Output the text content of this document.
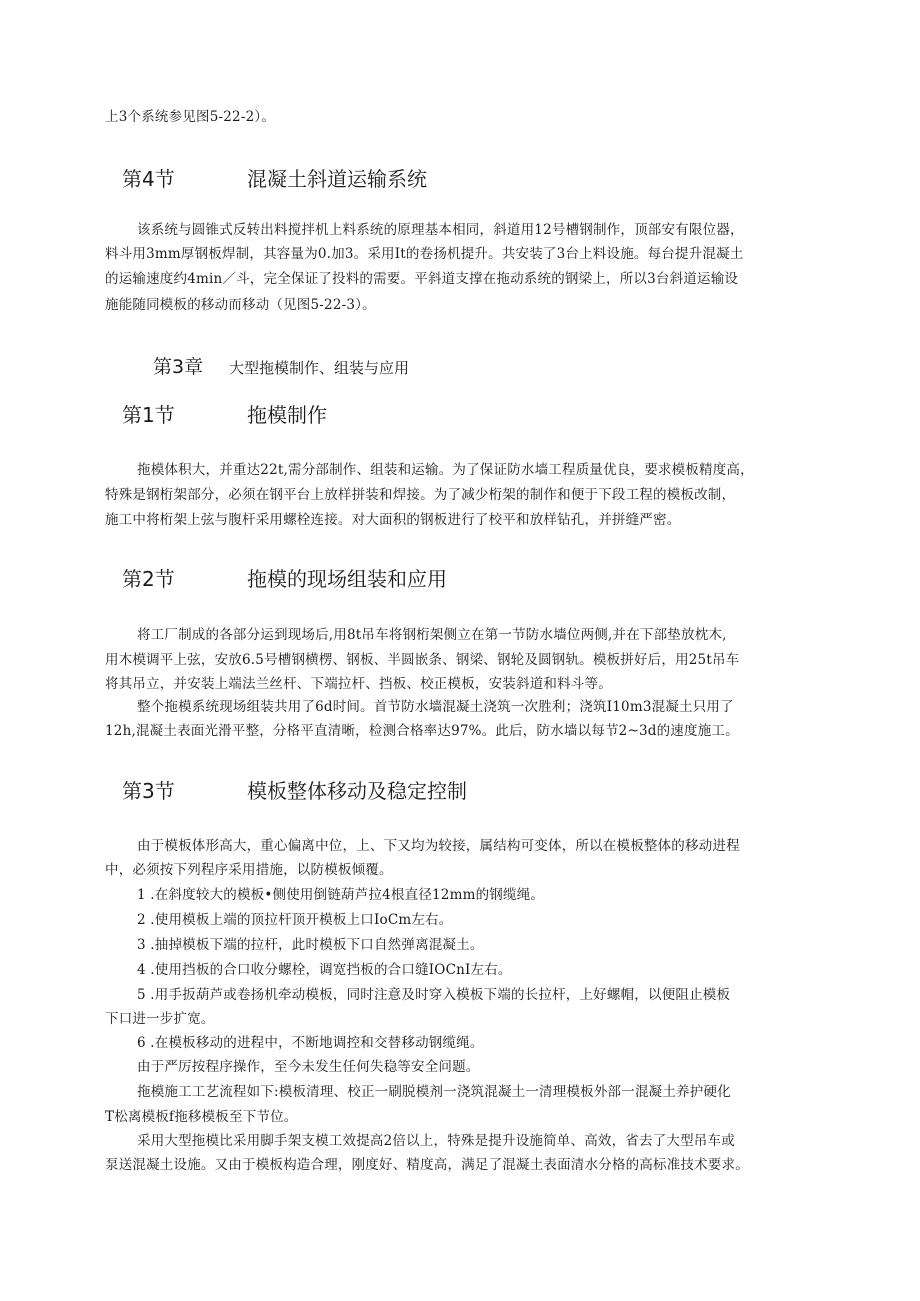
上3个系统参见图5-22-2）。
第4节	混凝土斜道运输系统
该系统与圆锥式反转出料搅拌机上料系统的原理基本相同，斜道用12号槽钢制作，顶部安有限位器，
料斗用3mm厚钢板焊制，其容量为0.加3。采用It的卷扬机提升。共安装了3台上料设施。每台提升混凝土
的运输速度约4min／斗，完全保证了投料的需要。平斜道支撑在拖动系统的钢梁上，所以3台斜道运输设
施能随同模板的移动而移动（见图5-22-3）。
第3章 大型拖模制作、组装与应用
第1节	拖模制作
拖模体积大，并重达22t,需分部制作、组装和运输。为了保证防水墙工程质量优良，要求模板精度高，
特殊是钢桁架部分，必须在钢平台上放样拼装和焊接。为了减少桁架的制作和便于下段工程的模板改制，
施工中将桁架上弦与腹杆采用螺栓连接。对大面积的钢板进行了校平和放样钻孔，并拼缝严密。
第2节	拖模的现场组装和应用
将工厂制成的各部分运到现场后,用8t吊车将钢桁架侧立在第一节防水墙位两侧,并在下部垫放枕木,
用木模调平上弦，安放6.5号槽钢横楞、钢板、半圆嵌条、钢梁、钢轮及圆钢轨。模板拼好后，用25t吊车
将其吊立，并安装上端法兰丝杆、下端拉杆、挡板、校正模板，安装斜道和料斗等。
整个拖模系统现场组装共用了6d时间。首节防水墙混凝土浇筑一次胜利；浇筑I10m3混凝土只用了
12h,混凝土表面光滑平整，分格平直清晰，检测合格率达97%。此后，防水墙以每节2~3d的速度施工。
第3节	模板整体移动及稳定控制
由于模板体形高大，重心偏离中位，上、下又均为较接，属结构可变体，所以在模板整体的移动进程
中，必须按下列程序采用措施，以防模板倾覆。
1 .在斜度较大的模板•侧使用倒链葫芦拉4根直径12mm的钢缆绳。
2 .使用模板上端的顶拉杆顶开模板上口IoCm左右。
3 .抽掉模板下端的拉杆，此时模板下口自然弹离混凝土。
4 .使用挡板的合口收分螺栓，调宽挡板的合口缝IOCnI左右。
5 .用手扳葫芦或卷扬机牵动模板，同时注意及时穿入模板下端的长拉杆，上好螺帽，以便阻止模板
下口进一步扩宽。
6 .在模板移动的进程中，不断地调控和交替移动钢缆绳。
由于严厉按程序操作，至今未发生任何失稳等安全问题。
拖模施工工艺流程如下:模板清理、校正一刷脱模剂一浇筑混凝土一清理模板外部一混凝土养护硬化
T松离模板f拖移模板至下节位。
采用大型拖模比采用脚手架支模工效提高2倍以上，特殊是提升设施简单、高效，省去了大型吊车或
泵送混凝土设施。又由于模板构造合理，刚度好、精度高，满足了混凝土表面清水分格的高标准技术要求。
